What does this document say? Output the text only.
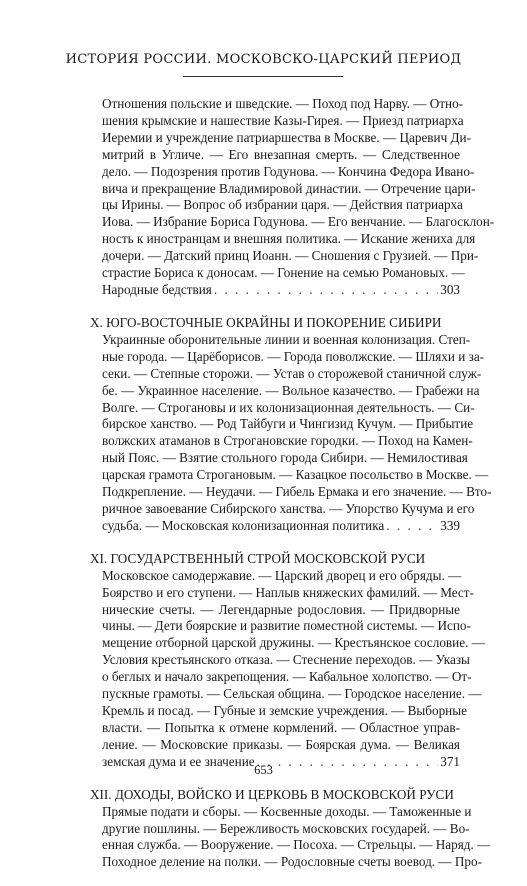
ИСТОРИЯ РОССИИ. МОСКОВСКО-ЦАРСКИЙ ПЕРИОД
Отношения польские и шведские. — Поход под Нарву. — Отно-
шения крымские и нашествие Казы-Гирея. — Приезд патриарха
Иеремии и учреждение патриаршества в Москве. — Царевич Ди-
митрий в Угличе. — Его внезапная смерть. — Следственное
дело. — Подозрения против Годунова. — Кончина Федора Ивано-
вича и прекращение Владимировой династии. — Отречение цари-
цы Ирины. — Вопрос об избрании царя. — Действия патриарха
Иова. — Избрание Бориса Годунова. — Его венчание. — Благосклон-
ность к иностранцам и внешняя политика. — Искание жениха для
дочери. — Датский принц Иоанн. — Сношения с Грузией. — При-
страстие Бориса к доносам. — Гонение на семью Романовых. —
Народные бедствия . . .	303
X. ЮГО-ВОСТОЧНЫЕ ОКРАЙНЫ И ПОКОРЕНИЕ СИБИРИ
Украинные оборонительные линии и военная колонизация. Степ-
ные города. — Царёборисов. — Города поволжские. — Шляхи и за-
секи. — Степные сторожи. — Устав о сторожевой станичной служ-
бе. — Украинное население. — Вольное казачество. — Грабежи на
Волге. — Строгановы и их колонизационная деятельность. — Си-
бирское ханство. — Род Тайбуги и Чингизид Кучум. — Прибытие
волжских атаманов в Строгановские городки. — Поход на Камен-
ный Пояс. — Взятие стольного города Сибири. — Немилостивая
царская грамота Строгановым. — Казацкое посольство в Москве. —
Подкрепление. — Неудачи. — Гибель Ермака и его значение. — Вто-
ричное завоевание Сибирского ханства. — Упорство Кучума и его
судьба. — Московская колонизационная политика . . .	339
XI. ГОСУДАРСТВЕННЫЙ СТРОЙ МОСКОВСКОЙ РУСИ
Московское самодержавие. — Царский дворец и его обряды. —
Боярство и его ступени. — Наплыв княжеских фамилий. — Мест-
нические счеты. — Легендарные родословия. — Придворные
чины. — Дети боярские и развитие поместной системы. — Испо-
мещение отборной царской дружины. — Крестьянское сословие. —
Условия крестьянского отказа. — Стеснение переходов. — Указы
о беглых и начало закрепощения. — Кабальное холопство. — От-
пускные грамоты. — Сельская община. — Городское население. —
Кремль и посад. — Губные и земские учреждения. — Выборные
власти. — Попытка к отмене кормлений. — Областное управ-
ление. — Московские приказы. — Боярская дума. — Великая
земская дума и ее значение . . .	371
XII. ДОХОДЫ, ВОЙСКО И ЦЕРКОВЬ В МОСКОВСКОЙ РУСИ
Прямые подати и сборы. — Косвенные доходы. — Таможенные и
другие пошлины. — Бережливость московских государей. — Во-
енная служба. — Вооружение. — Посоха. — Стрельцы. — Наряд. —
Походное деление на полки. — Родословные счеты воевод. — Про-
653
